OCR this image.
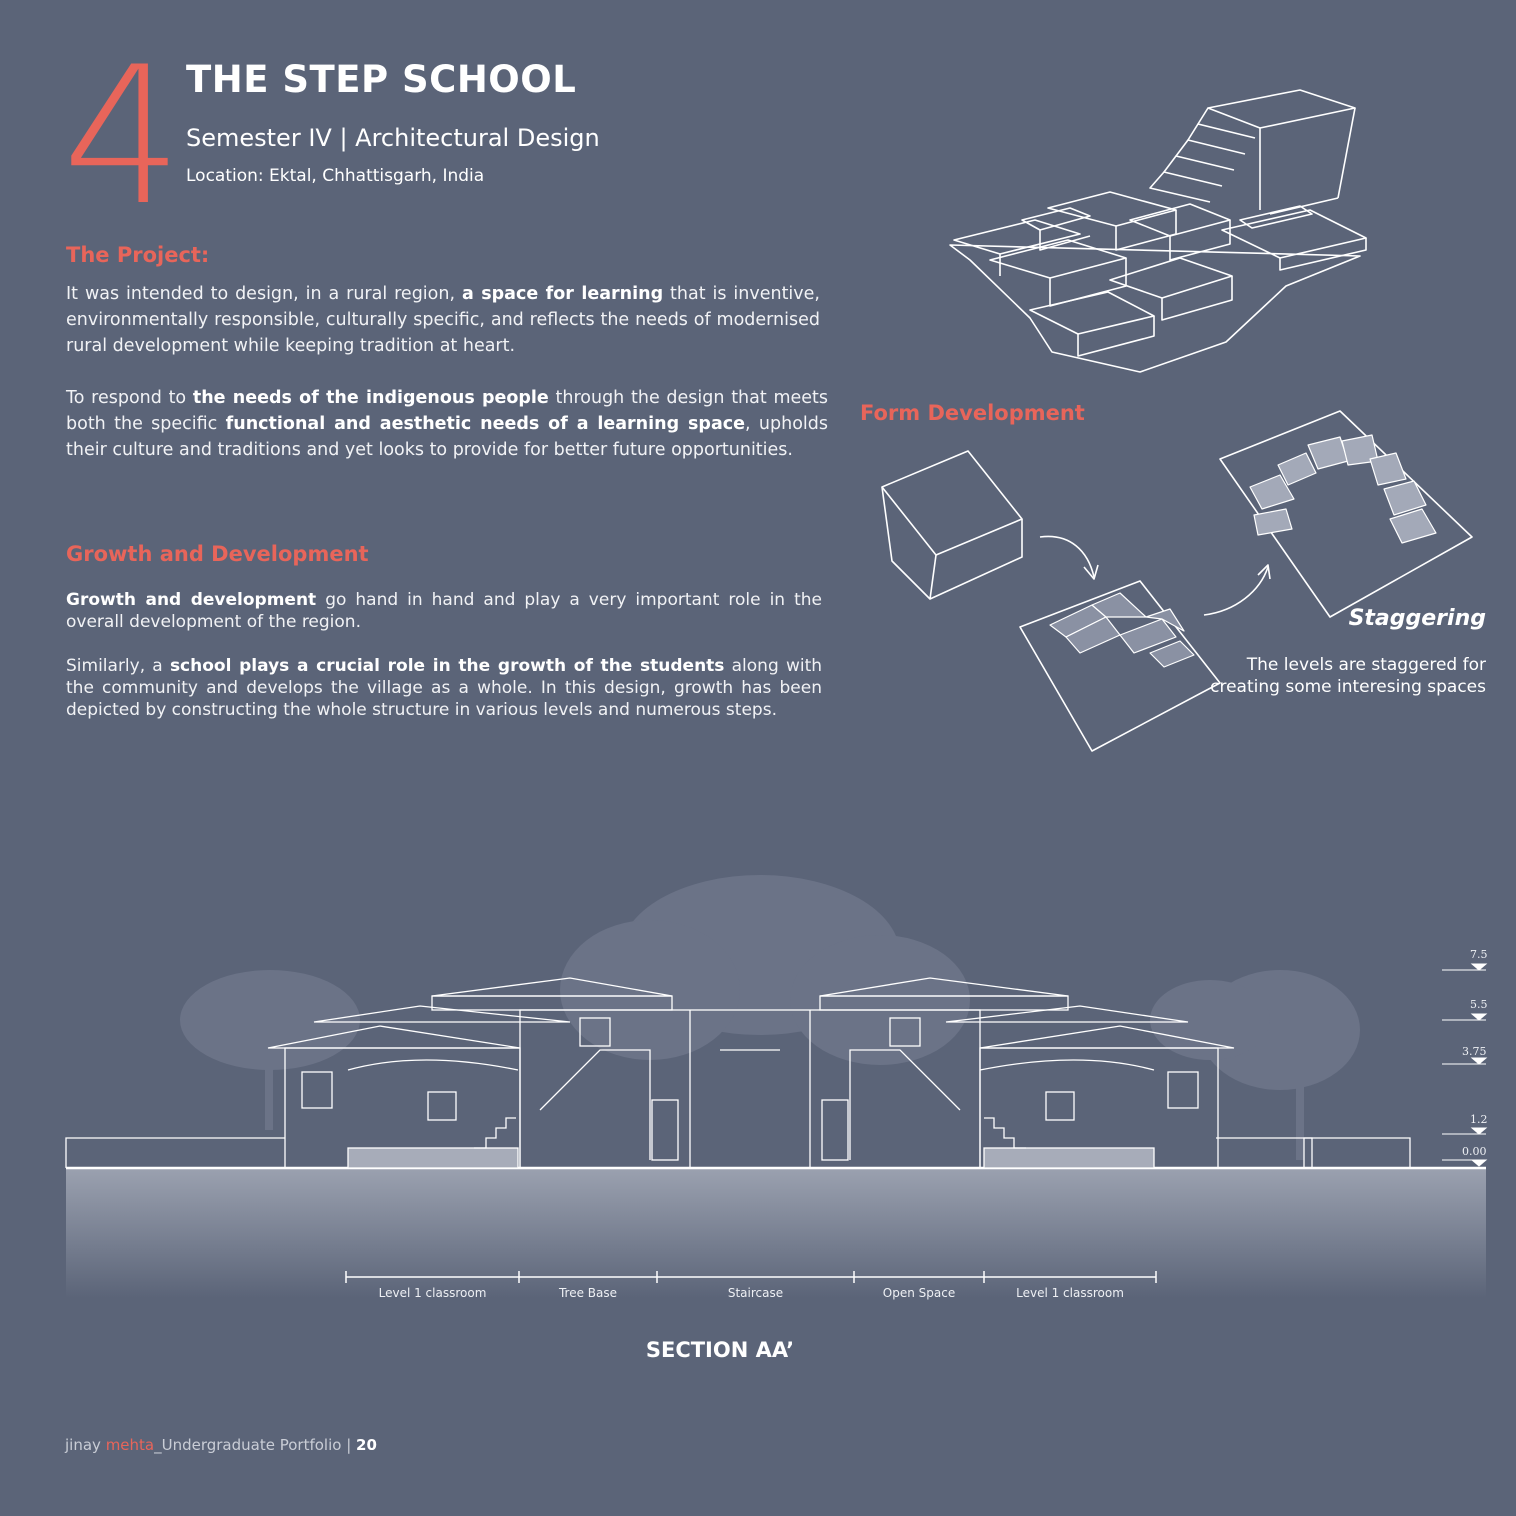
4 THE STEP SCHOOL
Semester IV | Architectural Design
Location: Ektal, Chhattisgarh, India
The Project:

It was intended to design, in a rural region, a space for learning that is inventive, environmentally responsible, culturally specific, and reflects the needs of modernised rural development while keeping tradition at heart.

To respond to the needs of the indigenous people through the design that meets both the specific functional and aesthetic needs of a learning space, upholds their culture and traditions and yet looks to provide for better future opportunities.

Growth and Development

Growth and development go hand in hand and play a very important role in the overall development of the region.

Similarly, a school plays a crucial role in the growth of the students along with the community and develops the village as a whole. In this design, growth has been depicted by constructing the whole structure in various levels and numerous steps.

Form Development
Staggering
The levels are staggered for creating some interesing spaces
7.5
5.5
3.75
1.2
0.00
Level 1 classroom	Tree Base	Staircase	Open Space	Level 1 classroom
SECTION AA’
jinay mehta_Undergraduate Portfolio | 20
